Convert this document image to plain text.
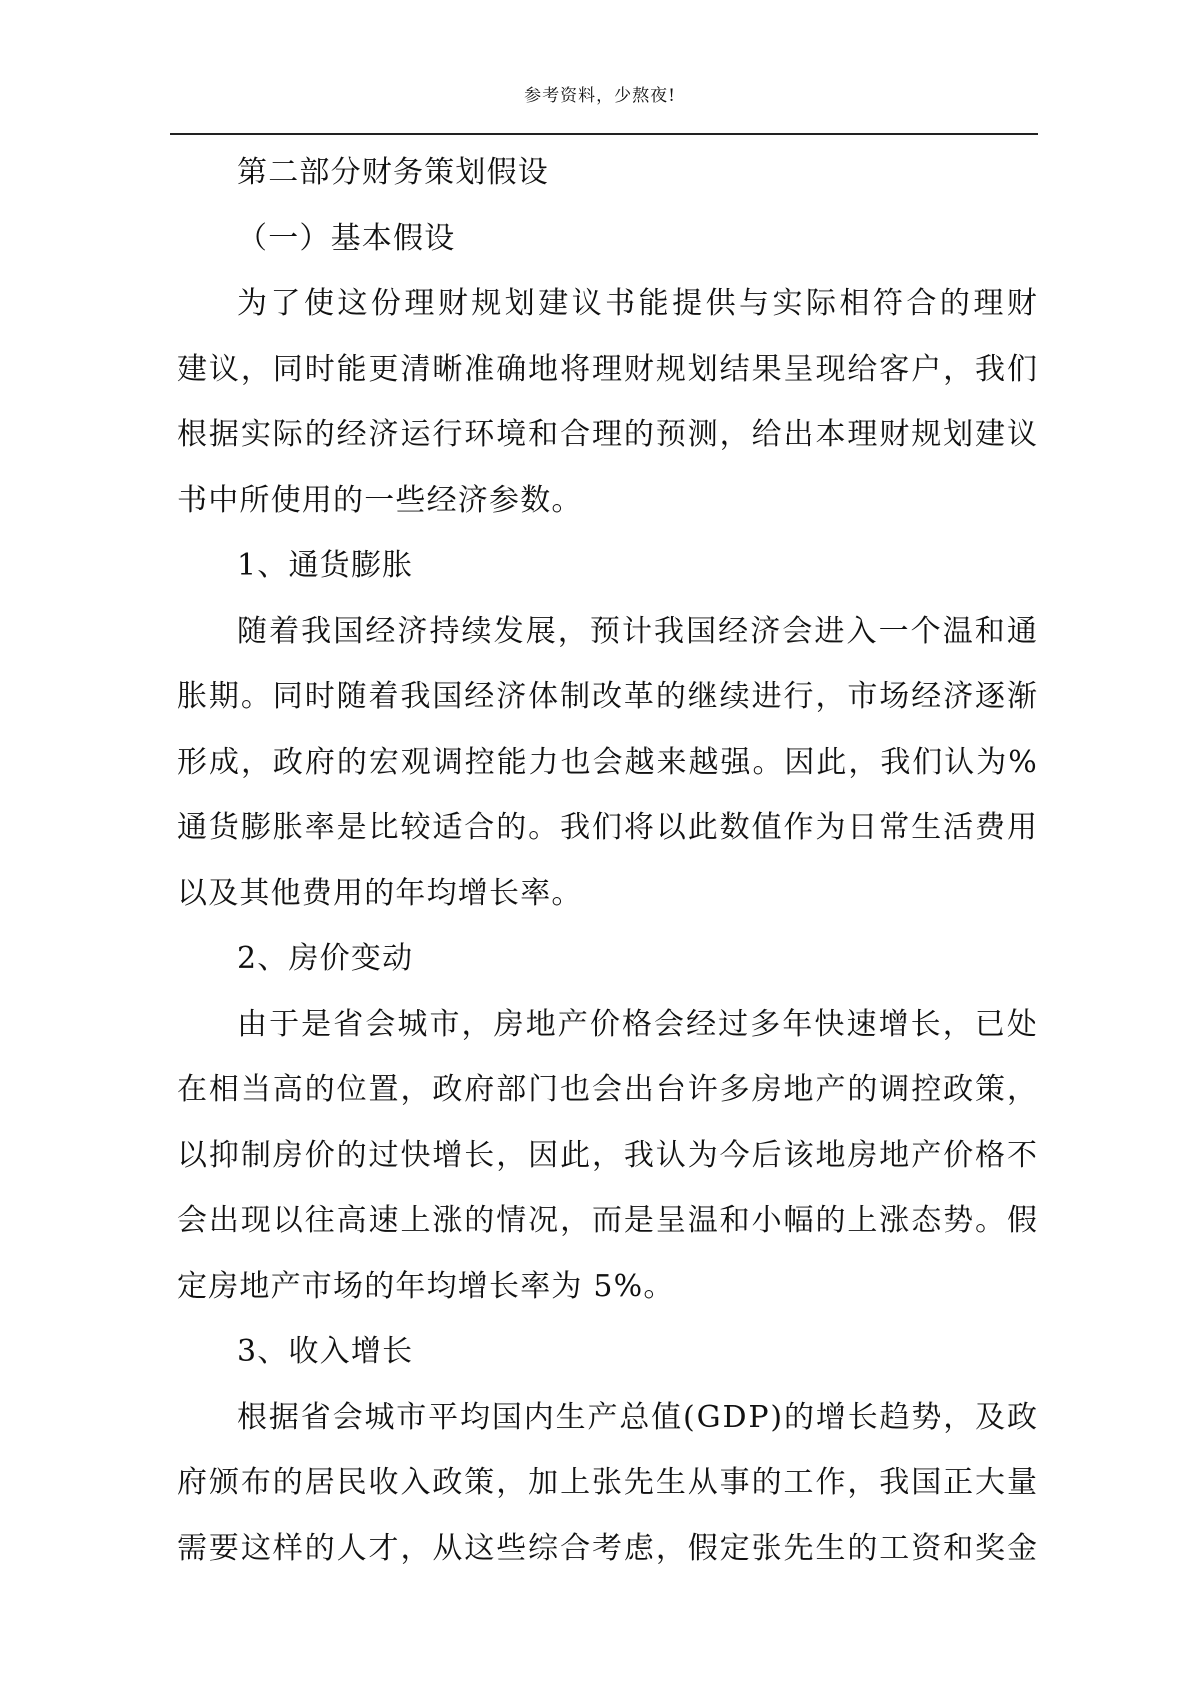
参考资料，少熬夜!
第二部分财务策划假设
（一）基本假设
为 了 使 这 份 理 财 规 划 建 议 书 能 提 供 与 实 际 相 符 合 的 理 财
建 议 ， 同 时 能 更 清 晰 准 确 地 将 理 财 规 划 结 果 呈 现 给 客 户 ， 我 们
根 据 实 际 的 经 济 运 行 环 境 和 合 理 的 预 测 ， 给 出 本 理 财 规 划 建 议
书中所使用的一些经济参数。
1、通货膨胀
随 着 我 国 经 济 持 续 发 展 ， 预 计 我 国 经 济 会 进 入 一 个 温 和 通
胀 期 。 同 时 随 着 我 国 经 济 体 制 改 革 的 继 续 进 行 ， 市 场 经 济 逐 渐
形 成 ， 政 府 的 宏 观 调 控 能 力 也 会 越 来 越 强 。 因 此 ， 我 们 认 为 %
通 货 膨 胀 率 是 比 较 适 合 的 。 我 们 将 以 此 数 值 作 为 日 常 生 活 费 用
以及其他费用的年均增长率。
2、房价变动
由 于 是 省 会 城 市 ， 房 地 产 价 格 会 经 过 多 年 快 速 增 长 ， 已 处
在 相 当 高 的 位 置 ， 政 府 部 门 也 会 出 台 许 多 房 地 产 的 调 控 政 策 ，
以 抑 制 房 价 的 过 快 增 长 ， 因 此 ， 我 认 为 今 后 该 地 房 地 产 价 格 不
会 出 现 以 往 高 速 上 涨 的 情 况 ， 而 是 呈 温 和 小 幅 的 上 涨 态 势 。 假
定房地产市场的年均增长率为 5%。
3、收入增长
根 据 省 会 城 市 平 均 国 内 生 产 总 值 ( G D P ) 的 增 长 趋 势 ， 及 政
府 颁 布 的 居 民 收 入 政 策 ， 加 上 张 先 生 从 事 的 工 作 ， 我 国 正 大 量
需 要 这 样 的 人 才 ， 从 这 些 综 合 考 虑 ， 假 定 张 先 生 的 工 资 和 奖 金
